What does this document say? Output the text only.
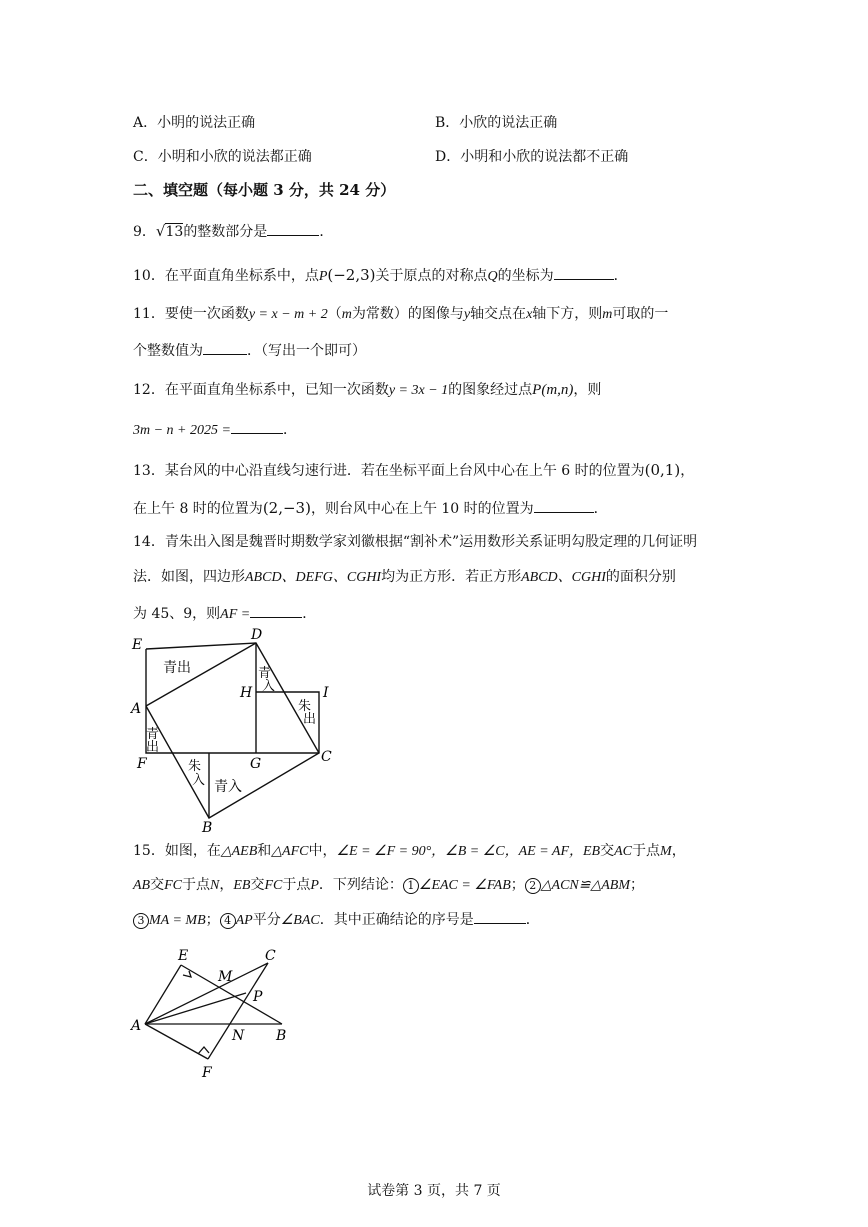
A．小明的说法正确	B．小欣的说法正确
C．小明和小欣的说法都正确	D．小明和小欣的说法都不正确
二、填空题（每小题 3 分，共 24 分）
9．√13的整数部分是	．
10．在平面直角坐标系中，点P(−2,3)关于原点的对称点Q的坐标为	．
11．要使一次函数y = x − m + 2（m为常数）的图像与y轴交点在x轴下方，则m可取的一
个整数值为	．（写出一个即可）
12．在平面直角坐标系中，已知一次函数y = 3x − 1的图象经过点P(m,n)，则
3m − n + 2025 =	．
13．某台风的中心沿直线匀速行进．若在坐标平面上台风中心在上午 6 时的位置为(0,1)，
在上午 8 时的位置为(2,−3)，则台风中心在上午 10 时的位置为	．
14．青朱出入图是魏晋时期数学家刘徽根据“割补术”运用数形关系证明勾股定理的几何证明
法．如图，四边形ABCD、DEFG、CGHI均为正方形．若正方形ABCD、CGHI的面积分别
为 45、9，则AF =	．
E
D
A
H	I
F	G	C
B
青出	青
入
朱
出
青
出
朱
入 青入
15．如图，在△AEB和△AFC中，∠E = ∠F = 90°，∠B = ∠C，AE = AF，EB交AC于点M，
AB交FC于点N，EB交FC于点P．下列结论： 1 ∠EAC = ∠FAB； 2 △ACN≌△ABM；
3 MA = MB； 4 AP平分∠BAC．其中正确结论的序号是	．
E
M
C
P
A
N B
F
试卷第 3 页，共 7 页
